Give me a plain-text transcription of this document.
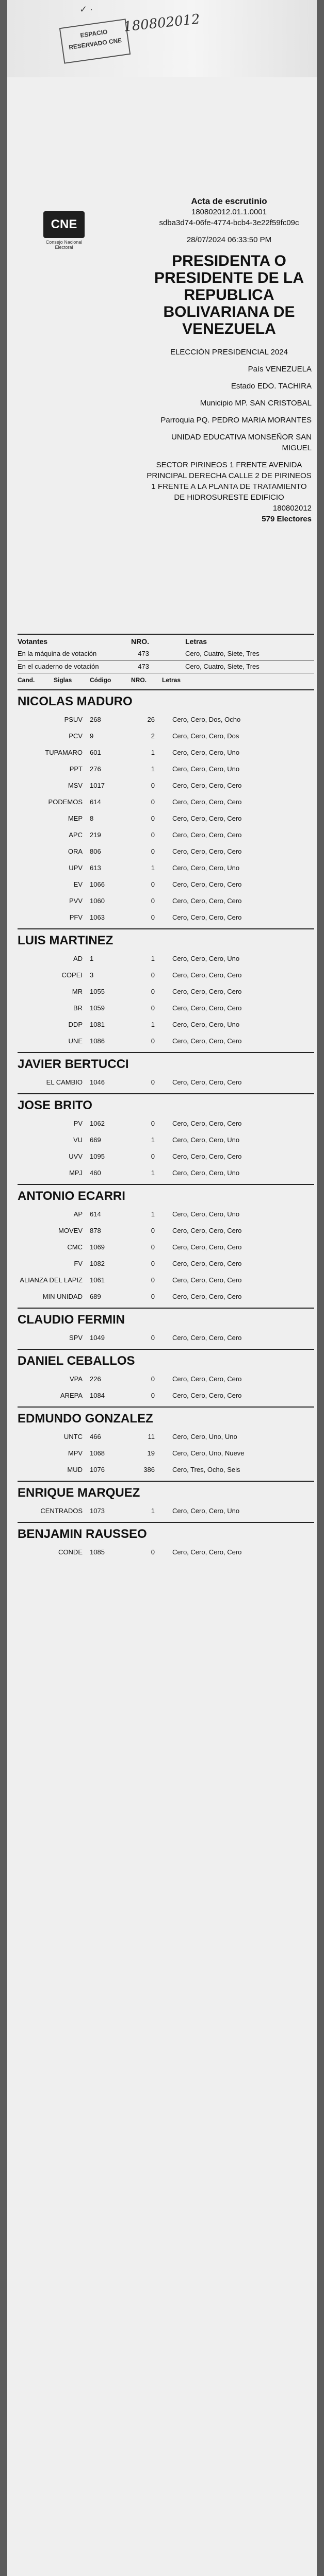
✓ ·
ESPACIO RESERVADO CNE
180802012
CNE
Consejo Nacional Electoral
Acta de escrutinio
180802012.01.1.0001
sdba3d74-06fe-4774-bcb4-3e22f59fc09c
28/07/2024 06:33:50 PM
PRESIDENTA O PRESIDENTE DE LA REPUBLICA BOLIVARIANA DE VENEZUELA
ELECCIÓN PRESIDENCIAL 2024
País VENEZUELA
Estado EDO. TACHIRA
Municipio MP. SAN CRISTOBAL
Parroquia PQ. PEDRO MARIA MORANTES
UNIDAD EDUCATIVA MONSEÑOR SAN MIGUEL
SECTOR PIRINEOS 1 FRENTE AVENIDA PRINCIPAL DERECHA CALLE 2 DE PIRINEOS 1 FRENTE A LA PLANTA DE TRATAMIENTO DE HIDROSURESTE EDIFICIO
180802012
579 Electores
Votantes	NRO.	Letras
En la máquina de votación	473	Cero, Cuatro, Siete, Tres
En el cuaderno de votación	473	Cero, Cuatro, Siete, Tres
Cand.	Siglas	Código	NRO.	Letras
NICOLAS MADURO
PSUV	268	26	Cero, Cero, Dos, Ocho
PCV	9	2	Cero, Cero, Cero, Dos
TUPAMARO	601	1	Cero, Cero, Cero, Uno
PPT	276	1	Cero, Cero, Cero, Uno
MSV	1017	0	Cero, Cero, Cero, Cero
PODEMOS	614	0	Cero, Cero, Cero, Cero
MEP	8	0	Cero, Cero, Cero, Cero
APC	219	0	Cero, Cero, Cero, Cero
ORA	806	0	Cero, Cero, Cero, Cero
UPV	613	1	Cero, Cero, Cero, Uno
EV	1066	0	Cero, Cero, Cero, Cero
PVV	1060	0	Cero, Cero, Cero, Cero
PFV	1063	0	Cero, Cero, Cero, Cero
LUIS MARTINEZ
AD	1	1	Cero, Cero, Cero, Uno
COPEI	3	0	Cero, Cero, Cero, Cero
MR	1055	0	Cero, Cero, Cero, Cero
BR	1059	0	Cero, Cero, Cero, Cero
DDP	1081	1	Cero, Cero, Cero, Uno
UNE	1086	0	Cero, Cero, Cero, Cero
JAVIER BERTUCCI
EL CAMBIO	1046	0	Cero, Cero, Cero, Cero
JOSE BRITO
PV	1062	0	Cero, Cero, Cero, Cero
VU	669	1	Cero, Cero, Cero, Uno
UVV	1095	0	Cero, Cero, Cero, Cero
MPJ	460	1	Cero, Cero, Cero, Uno
ANTONIO ECARRI
AP	614	1	Cero, Cero, Cero, Uno
MOVEV	878	0	Cero, Cero, Cero, Cero
CMC	1069	0	Cero, Cero, Cero, Cero
FV	1082	0	Cero, Cero, Cero, Cero
ALIANZA DEL LAPIZ	1061	0	Cero, Cero, Cero, Cero
MIN UNIDAD	689	0	Cero, Cero, Cero, Cero
CLAUDIO FERMIN
SPV	1049	0	Cero, Cero, Cero, Cero
DANIEL CEBALLOS
VPA	226	0	Cero, Cero, Cero, Cero
AREPA	1084	0	Cero, Cero, Cero, Cero
EDMUNDO GONZALEZ
UNTC	466	11	Cero, Cero, Uno, Uno
MPV	1068	19	Cero, Cero, Uno, Nueve
MUD	1076	386	Cero, Tres, Ocho, Seis
ENRIQUE MARQUEZ
CENTRADOS	1073	1	Cero, Cero, Cero, Uno
BENJAMIN RAUSSEO
CONDE	1085	0	Cero, Cero, Cero, Cero
